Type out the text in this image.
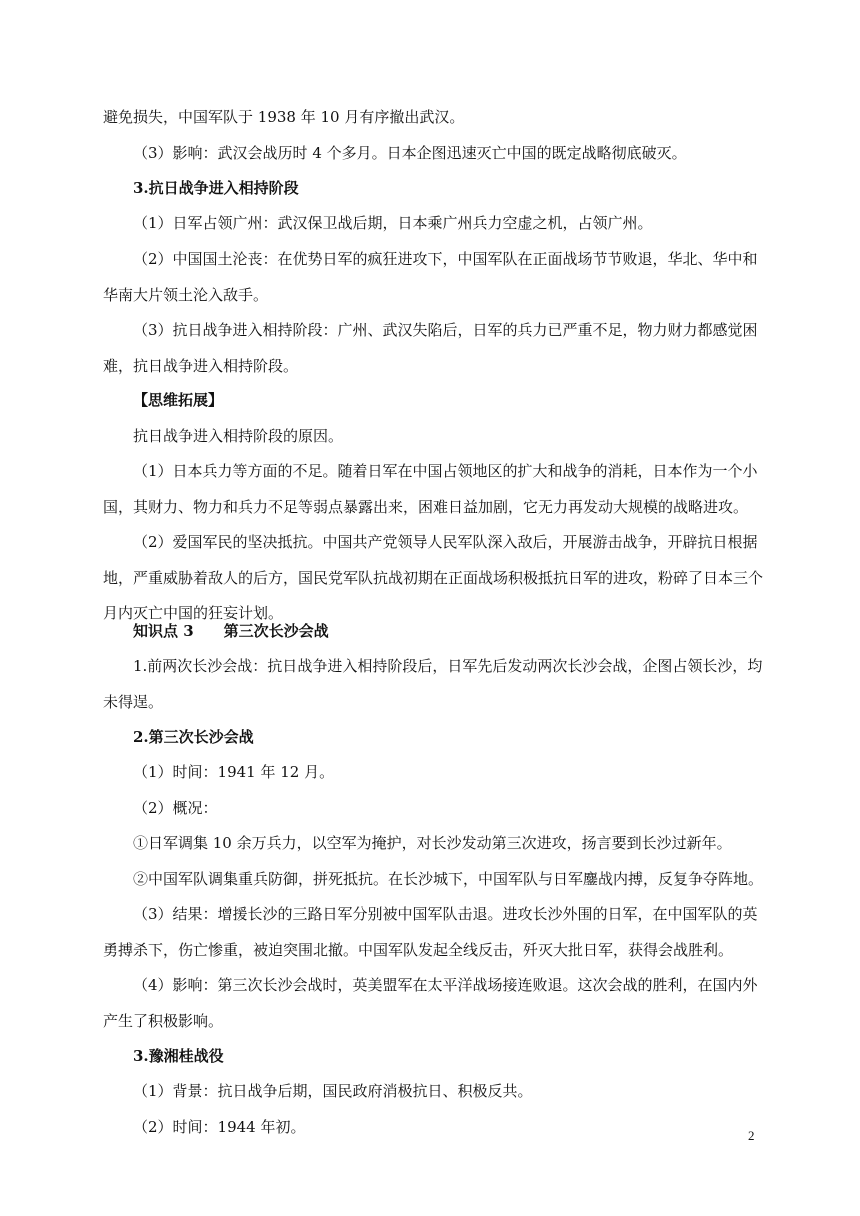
避免损失，中国军队于 1938 年 10 月有序撤出武汉。

（3）影响：武汉会战历时 4 个多月。日本企图迅速灭亡中国的既定战略彻底破灭。

3.抗日战争进入相持阶段

（1）日军占领广州：武汉保卫战后期，日本乘广州兵力空虚之机，占领广州。

（2）中国国土沦丧：在优势日军的疯狂进攻下，中国军队在正面战场节节败退，华北、华中和华南大片领土沦入敌手。

（3）抗日战争进入相持阶段：广州、武汉失陷后，日军的兵力已严重不足，物力财力都感觉困难，抗日战争进入相持阶段。

【思维拓展】

抗日战争进入相持阶段的原因。

（1）日本兵力等方面的不足。随着日军在中国占领地区的扩大和战争的消耗，日本作为一个小国，其财力、物力和兵力不足等弱点暴露出来，困难日益加剧，它无力再发动大规模的战略进攻。

（2）爱国军民的坚决抵抗。中国共产党领导人民军队深入敌后，开展游击战争，开辟抗日根据地，严重威胁着敌人的后方，国民党军队抗战初期在正面战场积极抵抗日军的进攻，粉碎了日本三个月内灭亡中国的狂妄计划。

知识点 3　　第三次长沙会战

1.前两次长沙会战：抗日战争进入相持阶段后，日军先后发动两次长沙会战，企图占领长沙，均未得逞。

2.第三次长沙会战

（1）时间：1941 年 12 月。

（2）概况：

①日军调集 10 余万兵力，以空军为掩护，对长沙发动第三次进攻，扬言要到长沙过新年。

②中国军队调集重兵防御，拼死抵抗。在长沙城下，中国军队与日军鏖战内搏，反复争夺阵地。

（3）结果：增援长沙的三路日军分别被中国军队击退。进攻长沙外围的日军，在中国军队的英勇搏杀下，伤亡惨重，被迫突围北撤。中国军队发起全线反击，歼灭大批日军，获得会战胜利。

（4）影响：第三次长沙会战时，英美盟军在太平洋战场接连败退。这次会战的胜利，在国内外产生了积极影响。

3.豫湘桂战役

（1）背景：抗日战争后期，国民政府消极抗日、积极反共。

（2）时间：1944 年初。	2
